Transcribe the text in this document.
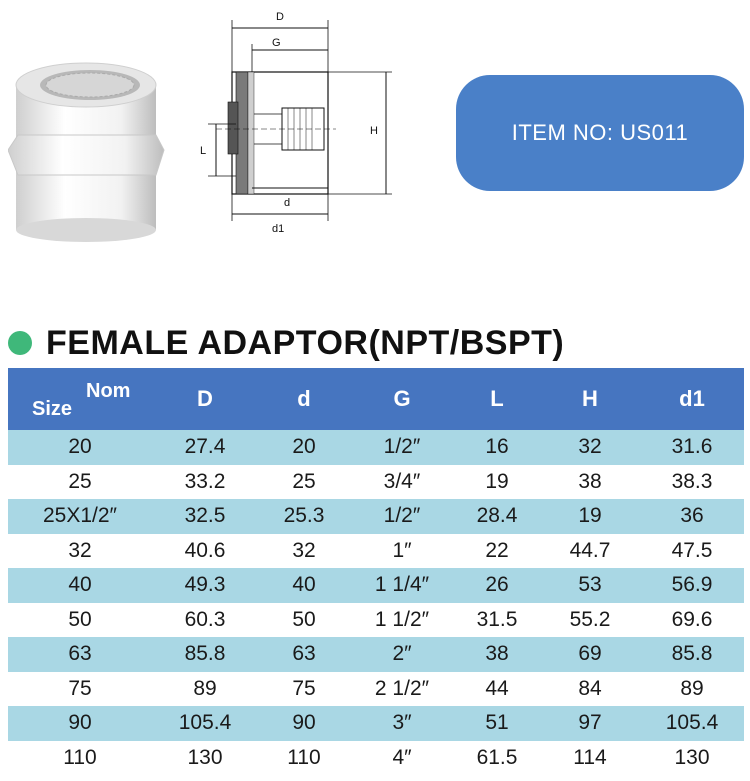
D
G
H
L
d
d1
ITEM NO: US011
FEMALE ADAPTOR(NPT/BSPT)
Size
Nom	D	d	G	L	H	d1
20	27.4	20	1/2″	16	32	31.6
25	33.2	25	3/4″	19	38	38.3
25X1/2″	32.5	25.3	1/2″	28.4	19	36
32	40.6	32	1″	22	44.7	47.5
40	49.3	40	1 1/4″	26	53	56.9
50	60.3	50	1 1/2″	31.5	55.2	69.6
63	85.8	63	2″	38	69	85.8
75	89	75	2 1/2″	44	84	89
90	105.4	90	3″	51	97	105.4
110	130	110	4″	61.5	114	130
